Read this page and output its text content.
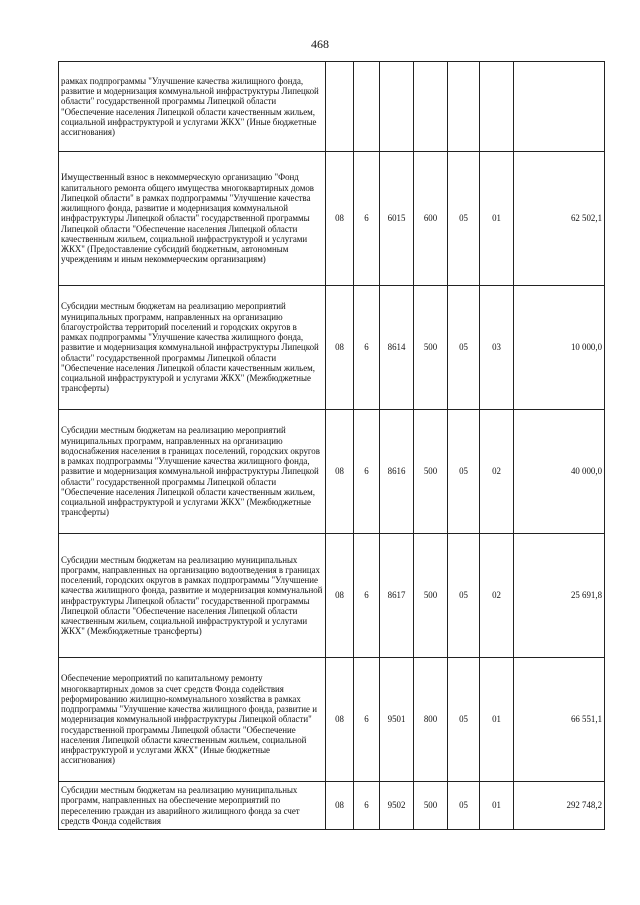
468
рамках подпрограммы "Улучшение качества жилищного фонда, развитие и модернизация коммунальной инфраструктуры Липецкой области" государственной программы Липецкой области "Обеспечение населения Липецкой области качественным жильем, социальной инфраструктурой и услугами ЖКХ" (Иные бюджетные ассигнования)							
Имущественный взнос в некоммерческую организацию "Фонд капитального ремонта общего имущества многоквартирных домов Липецкой области" в рамках подпрограммы "Улучшение качества жилищного фонда, развитие и модернизация коммунальной инфраструктуры Липецкой области" государственной программы Липецкой области "Обеспечение населения Липецкой области качественным жильем, социальной инфраструктурой и услугами ЖКХ" (Предоставление субсидий бюджетным, автономным учреждениям и иным некоммерческим организациям)	08	6	6015	600	05	01	62 502,1
Субсидии местным бюджетам на реализацию мероприятий муниципальных программ, направленных на организацию благоустройства территорий поселений и городских округов в рамках подпрограммы "Улучшение качества жилищного фонда, развитие и модернизация коммунальной инфраструктуры Липецкой области" государственной программы Липецкой области "Обеспечение населения Липецкой области качественным жильем, социальной инфраструктурой и услугами ЖКХ" (Межбюджетные трансферты)	08	6	8614	500	05	03	10 000,0
Субсидии местным бюджетам на реализацию мероприятий муниципальных программ, направленных на организацию водоснабжения населения в границах поселений, городских округов в рамках подпрограммы "Улучшение качества жилищного фонда, развитие и модернизация коммунальной инфраструктуры Липецкой области" государственной программы Липецкой области "Обеспечение населения Липецкой области качественным жильем, социальной инфраструктурой и услугами ЖКХ" (Межбюджетные трансферты)	08	6	8616	500	05	02	40 000,0
Субсидии местным бюджетам на реализацию муниципальных программ, направленных на организацию водоотведения в границах поселений, городских округов в рамках подпрограммы "Улучшение качества жилищного фонда, развитие и модернизация коммунальной инфраструктуры Липецкой области" государственной программы Липецкой области "Обеспечение населения Липецкой области качественным жильем, социальной инфраструктурой и услугами ЖКХ" (Межбюджетные трансферты)	08	6	8617	500	05	02	25 691,8
Обеспечение мероприятий по капитальному ремонту многоквартирных домов за счет средств Фонда содействия реформированию жилищно-коммунального хозяйства в рамках подпрограммы "Улучшение качества жилищного фонда, развитие и модернизация коммунальной инфраструктуры Липецкой области" государственной программы Липецкой области "Обеспечение населения Липецкой области качественным жильем, социальной инфраструктурой и услугами ЖКХ" (Иные бюджетные ассигнования)	08	6	9501	800	05	01	66 551,1
Субсидии местным бюджетам на реализацию муниципальных программ, направленных на обеспечение мероприятий по переселению граждан из аварийного жилищного фонда за счет средств Фонда содействия	08	6	9502	500	05	01	292 748,2
